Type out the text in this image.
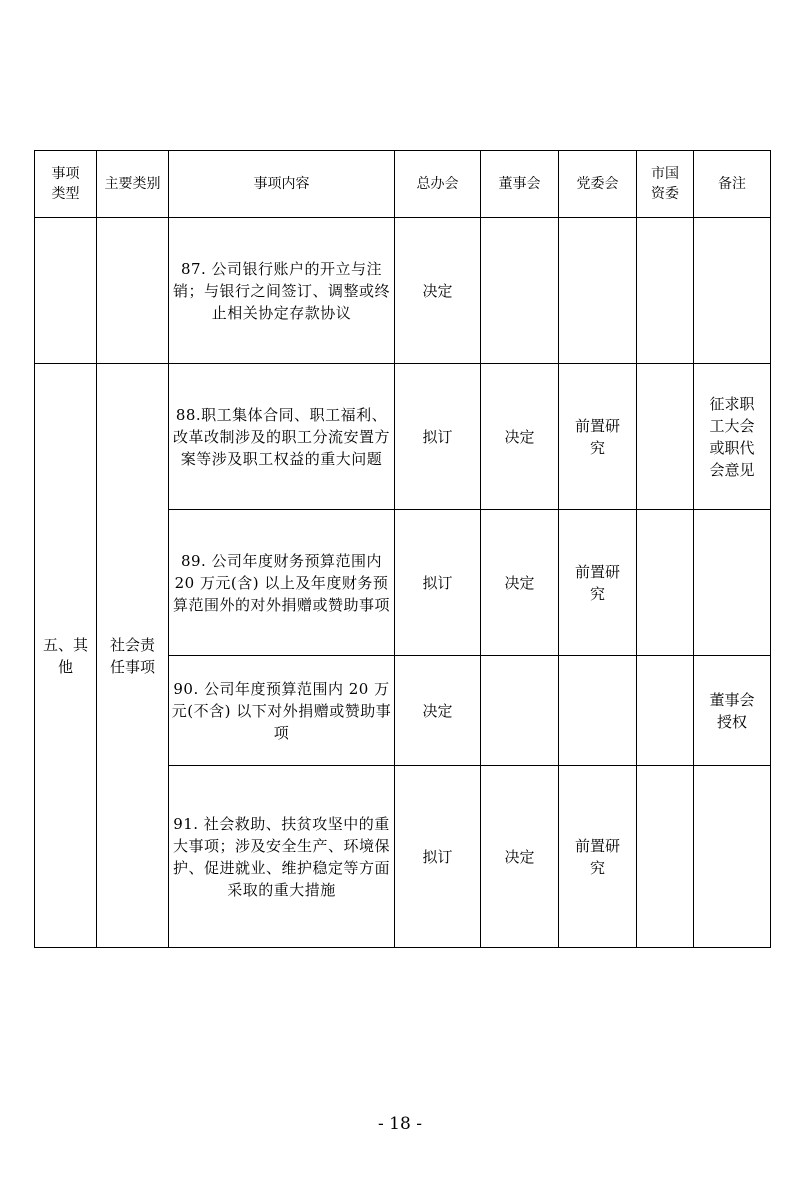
事项类型	主要类别	事项内容	总办会	董事会	党委会	市国资委	备注
		87. 公司银行账户的开立与注销；与银行之间签订、调整或终止相关协定存款协议	决定				

五、其他	社会责任事项	88.职工集体合同、职工福利、改革改制涉及的职工分流安置方案等涉及职工权益的重大问题	拟订	决定	前置研究		征求职工大会或职代会意见

		89. 公司年度财务预算范围内 20 万元(含) 以上及年度财务预算范围外的对外捐赠或赞助事项	拟订	决定	前置研究		

		90. 公司年度预算范围内 20 万元(不含) 以下对外捐赠或赞助事项	决定				董事会授权

		91. 社会救助、扶贫攻坚中的重大事项；涉及安全生产、环境保护、促进就业、维护稳定等方面采取的重大措施	拟订	决定	前置研究		

- 18 -
